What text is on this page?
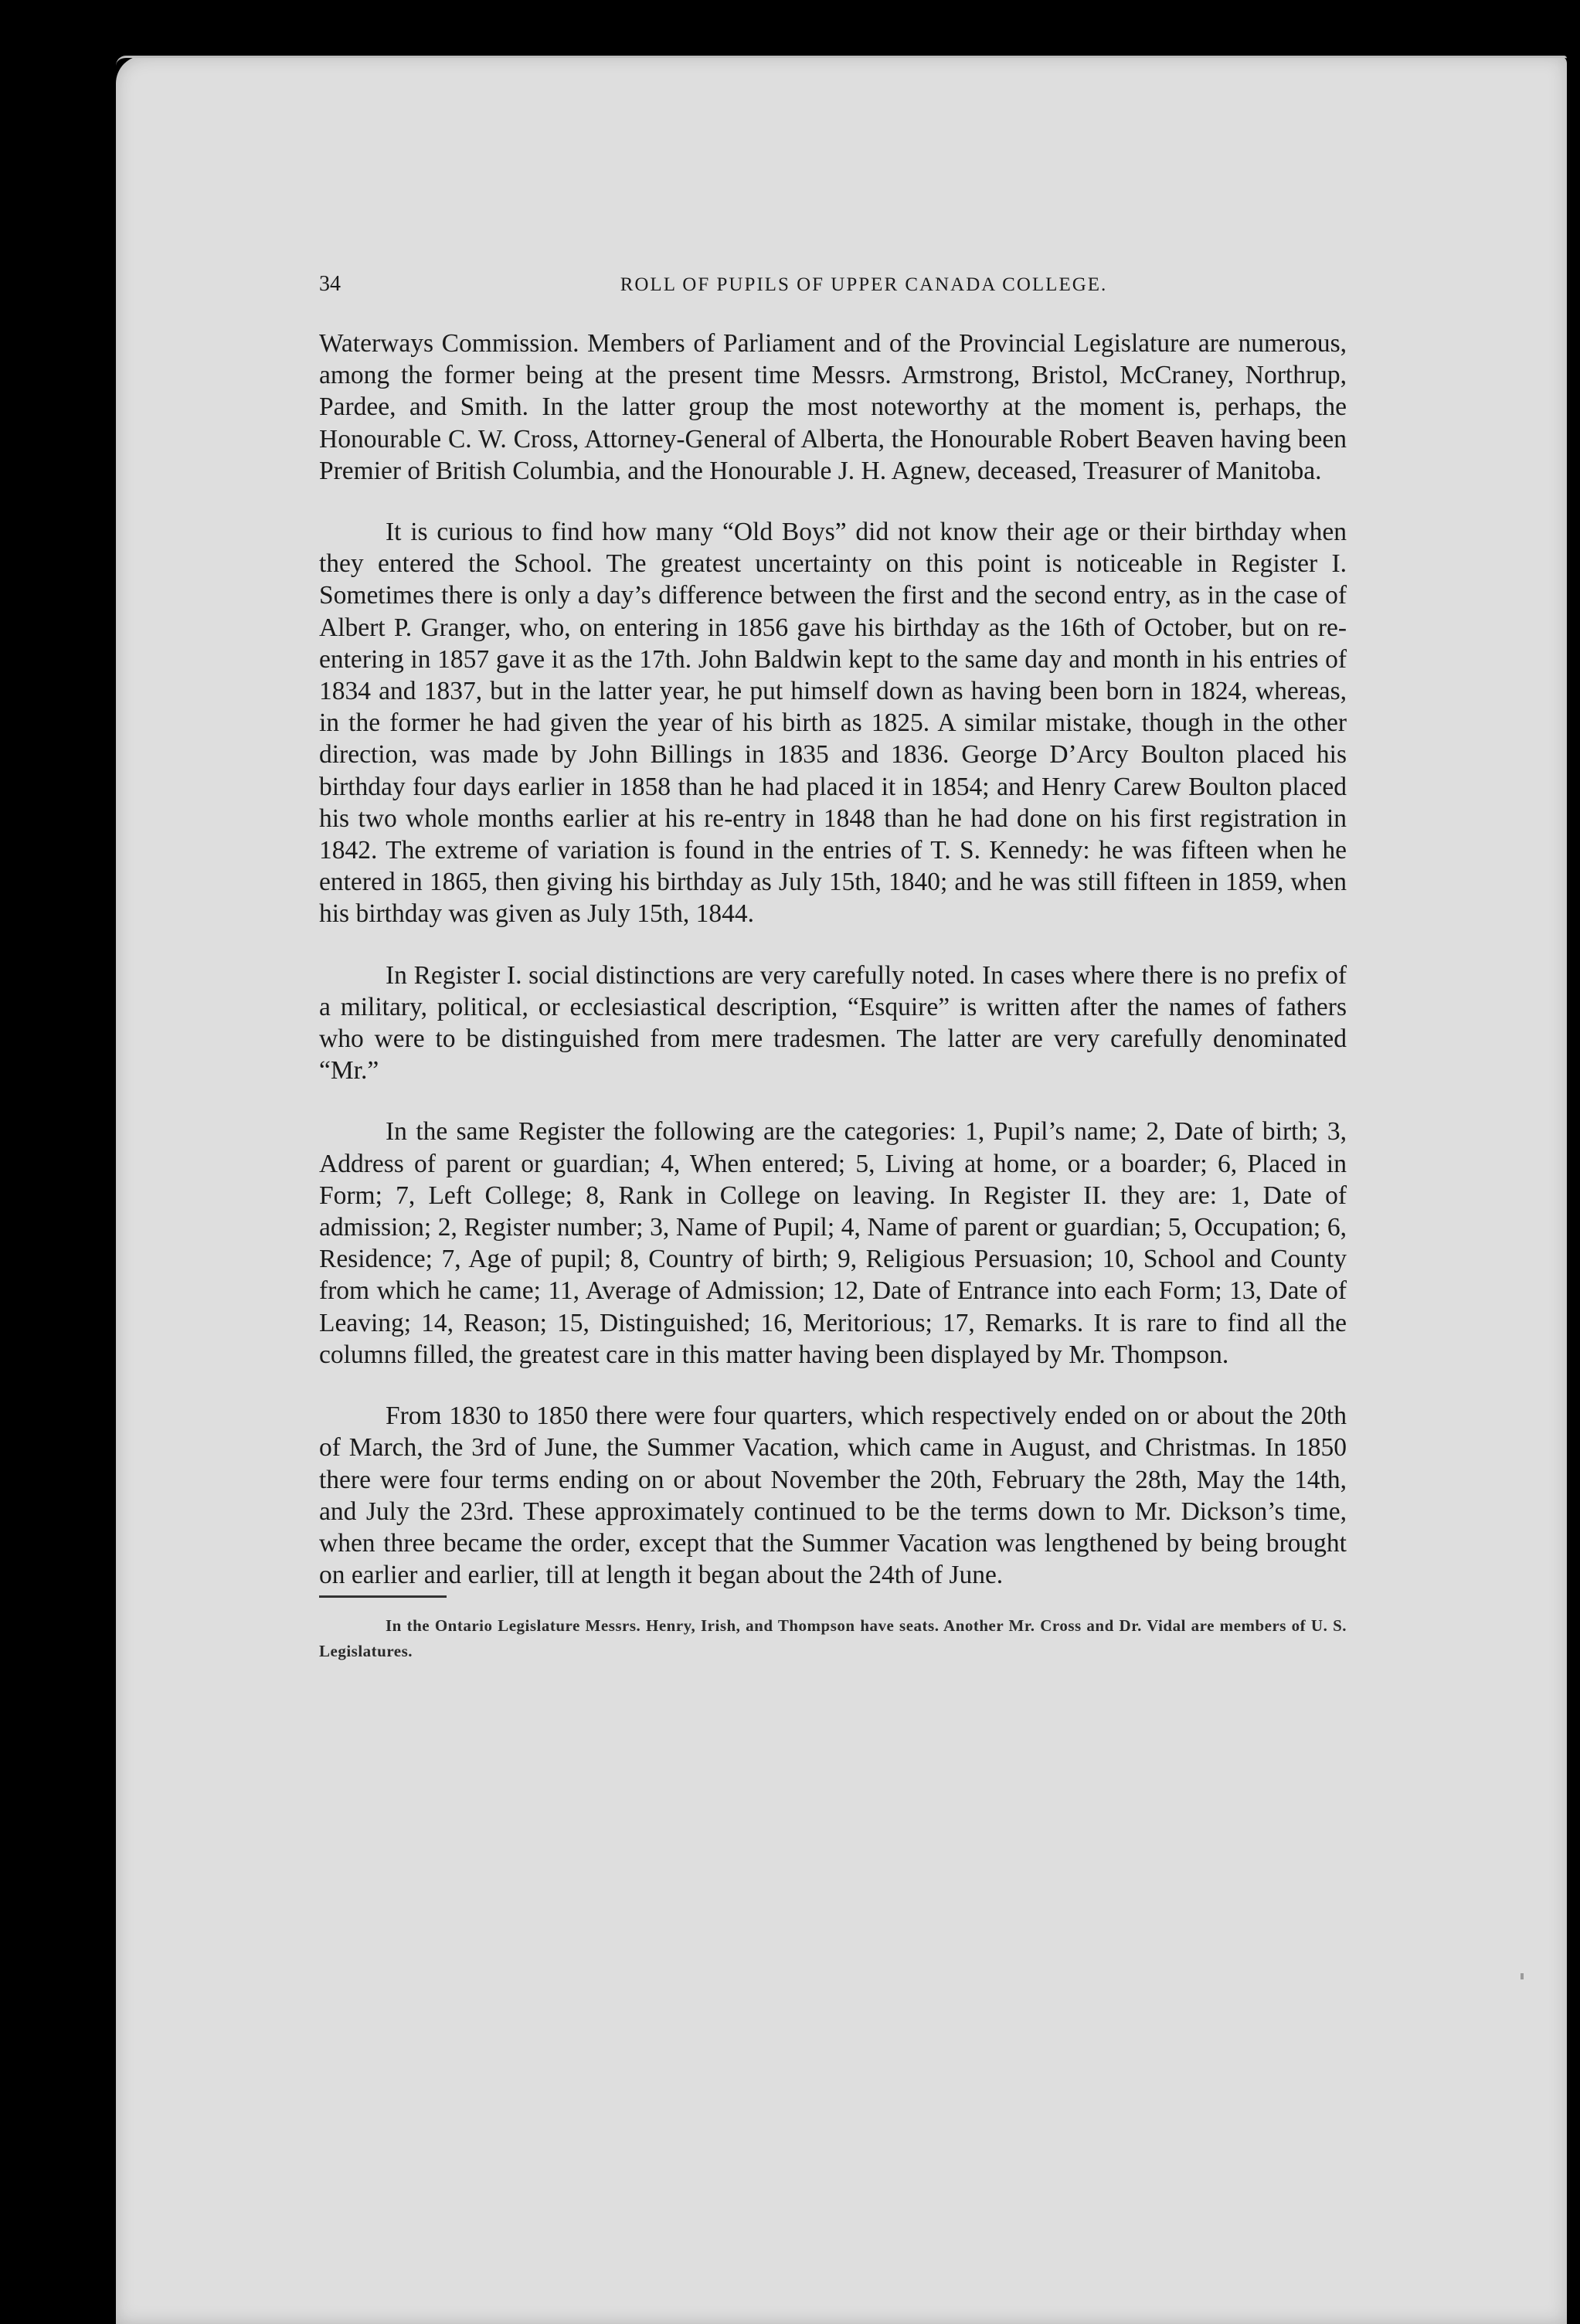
34	ROLL OF PUPILS OF UPPER CANADA COLLEGE.

Waterways Commission. Members of Parliament and of the Provincial Legislature are numerous, among the former being at the present time Messrs. Armstrong, Bristol, McCraney, Northrup, Pardee, and Smith. In the latter group the most noteworthy at the moment is, perhaps, the Honourable C. W. Cross, Attorney-General of Alberta, the Honourable Robert Beaven having been Premier of British Columbia, and the Honourable J. H. Agnew, deceased, Treasurer of Manitoba.

It is curious to find how many “Old Boys” did not know their age or their birthday when they entered the School. The greatest uncertainty on this point is noticeable in Register I. Sometimes there is only a day’s difference between the first and the second entry, as in the case of Albert P. Granger, who, on entering in 1856 gave his birthday as the 16th of October, but on re-entering in 1857 gave it as the 17th. John Baldwin kept to the same day and month in his entries of 1834 and 1837, but in the latter year, he put himself down as having been born in 1824, whereas, in the former he had given the year of his birth as 1825. A similar mistake, though in the other direction, was made by John Billings in 1835 and 1836. George D’Arcy Boulton placed his birthday four days earlier in 1858 than he had placed it in 1854; and Henry Carew Boulton placed his two whole months earlier at his re-entry in 1848 than he had done on his first registration in 1842. The extreme of variation is found in the entries of T. S. Kennedy: he was fifteen when he entered in 1865, then giving his birthday as July 15th, 1840; and he was still fifteen in 1859, when his birthday was given as July 15th, 1844.

In Register I. social distinctions are very carefully noted. In cases where there is no prefix of a military, political, or ecclesiastical description, “Esquire” is written after the names of fathers who were to be distinguished from mere tradesmen. The latter are very carefully denominated “Mr.”

In the same Register the following are the categories: 1, Pupil’s name; 2, Date of birth; 3, Address of parent or guardian; 4, When entered; 5, Living at home, or a boarder; 6, Placed in Form; 7, Left College; 8, Rank in College on leaving. In Register II. they are: 1, Date of admission; 2, Register number; 3, Name of Pupil; 4, Name of parent or guardian; 5, Occupation; 6, Residence; 7, Age of pupil; 8, Country of birth; 9, Religious Persuasion; 10, School and County from which he came; 11, Average of Admission; 12, Date of Entrance into each Form; 13, Date of Leaving; 14, Reason; 15, Distinguished; 16, Meritorious; 17, Remarks. It is rare to find all the columns filled, the greatest care in this matter having been displayed by Mr. Thompson.

From 1830 to 1850 there were four quarters, which respectively ended on or about the 20th of March, the 3rd of June, the Summer Vacation, which came in August, and Christmas. In 1850 there were four terms ending on or about November the 20th, February the 28th, May the 14th, and July the 23rd. These approximately continued to be the terms down to Mr. Dickson’s time, when three became the order, except that the Summer Vacation was lengthened by being brought on earlier and earlier, till at length it began about the 24th of June.

In the Ontario Legislature Messrs. Henry, Irish, and Thompson have seats. Another Mr. Cross and Dr. Vidal are members of U. S. Legislatures.
